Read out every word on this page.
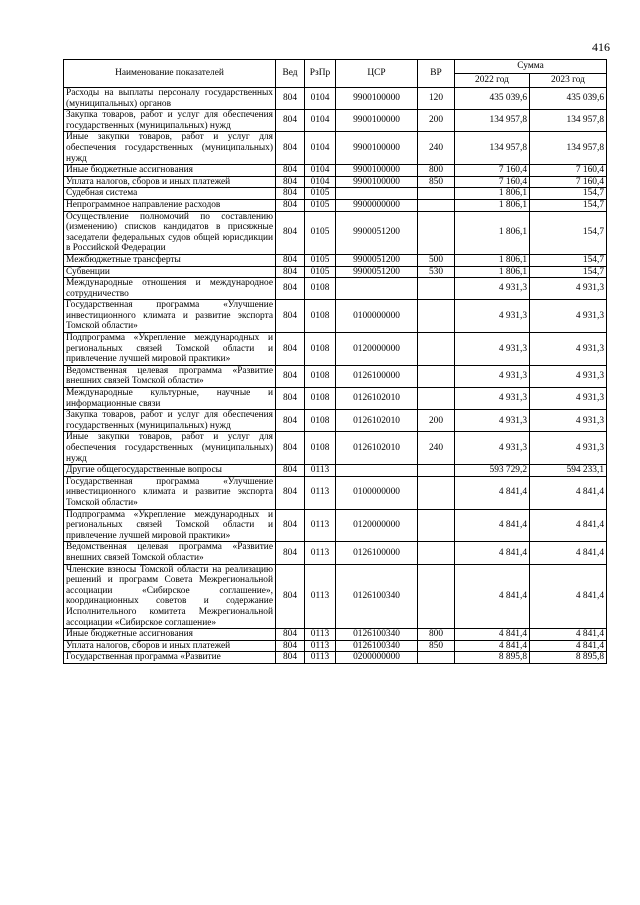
416
Наименование показателей	Вед	РзПр	ЦСР	ВР	Сумма	
					2022 год	2023 год
Расходы на выплаты персоналу государственных (муниципальных) органов	804	0104	9900100000	120	435 039,6	435 039,6
Закупка товаров, работ и услуг для обеспечения государственных (муниципальных) нужд	804	0104	9900100000	200	134 957,8	134 957,8
Иные закупки товаров, работ и услуг для обеспечения государственных (муниципальных) нужд	804	0104	9900100000	240	134 957,8	134 957,8
Иные бюджетные ассигнования	804	0104	9900100000	800	7 160,4	7 160,4
Уплата налогов, сборов и иных платежей	804	0104	9900100000	850	7 160,4	7 160,4
Судебная система	804	0105			1 806,1	154,7
Непрограммное направление расходов	804	0105	9900000000		1 806,1	154,7
Осуществление полномочий по составлению (изменению) списков кандидатов в присяжные заседатели федеральных судов общей юрисдикции в Российской Федерации	804	0105	9900051200		1 806,1	154,7
Межбюджетные трансферты	804	0105	9900051200	500	1 806,1	154,7
Субвенции	804	0105	9900051200	530	1 806,1	154,7
Международные отношения и международное сотрудничество	804	0108			4 931,3	4 931,3
Государственная программа «Улучшение инвестиционного климата и развитие экспорта Томской области»	804	0108	0100000000		4 931,3	4 931,3
Подпрограмма «Укрепление международных и региональных связей Томской области и привлечение лучшей мировой практики»	804	0108	0120000000		4 931,3	4 931,3
Ведомственная целевая программа «Развитие внешних связей Томской области»	804	0108	0126100000		4 931,3	4 931,3
Международные культурные, научные и информационные связи	804	0108	0126102010		4 931,3	4 931,3
Закупка товаров, работ и услуг для обеспечения государственных (муниципальных) нужд	804	0108	0126102010	200	4 931,3	4 931,3
Иные закупки товаров, работ и услуг для обеспечения государственных (муниципальных) нужд	804	0108	0126102010	240	4 931,3	4 931,3
Другие общегосударственные вопросы	804	0113			593 729,2	594 233,1
Государственная программа «Улучшение инвестиционного климата и развитие экспорта Томской области»	804	0113	0100000000		4 841,4	4 841,4
Подпрограмма «Укрепление международных и региональных связей Томской области и привлечение лучшей мировой практики»	804	0113	0120000000		4 841,4	4 841,4
Ведомственная целевая программа «Развитие внешних связей Томской области»	804	0113	0126100000		4 841,4	4 841,4
Членские взносы Томской области на реализацию решений и программ Совета Межрегиональной ассоциации «Сибирское соглашение», координационных советов и содержание Исполнительного комитета Межрегиональной ассоциации «Сибирское соглашение»	804	0113	0126100340		4 841,4	4 841,4
Иные бюджетные ассигнования	804	0113	0126100340	800	4 841,4	4 841,4
Уплата налогов, сборов и иных платежей	804	0113	0126100340	850	4 841,4	4 841,4
Государственная программа «Развитие	804	0113	0200000000		8 895,8	8 895,8
